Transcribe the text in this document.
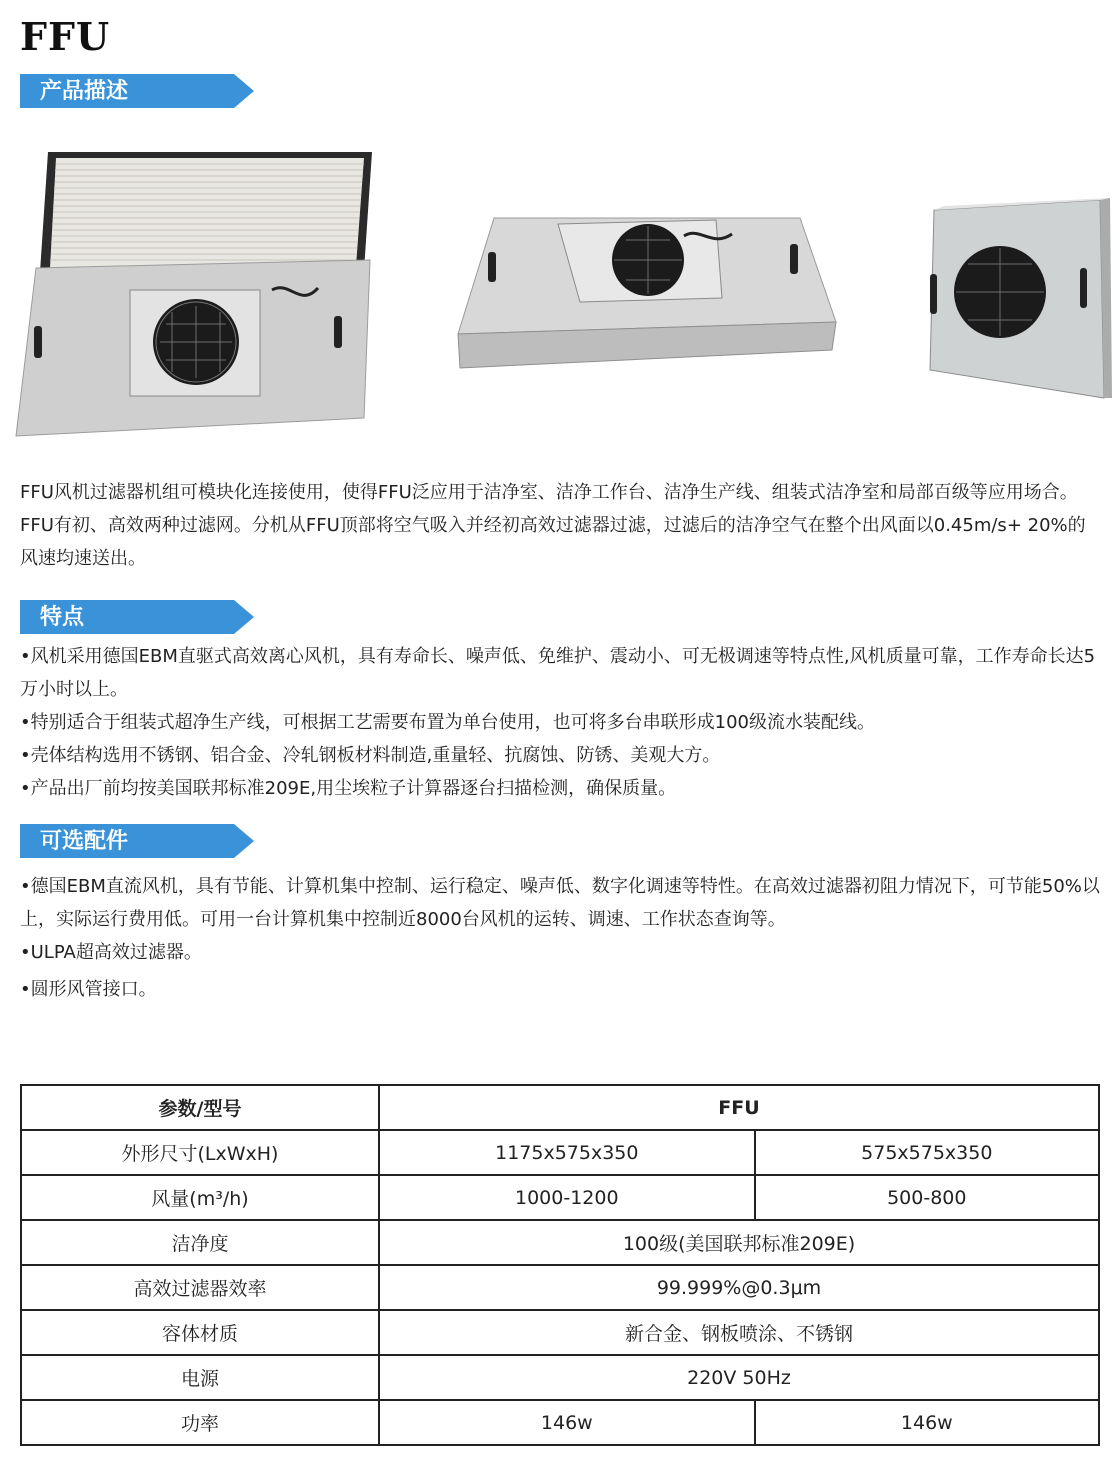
FFU
产品描述

FFU风机过滤器机组可模块化连接使用，使得FFU泛应用于洁净室、洁净工作台、洁净生产线、组装式洁净室和局部百级等应用场合。FFU有初、高效两种过滤网。分机从FFU顶部将空气吸入并经初高效过滤器过滤，过滤后的洁净空气在整个出风面以0.45m/s+ 20%的风速均速送出。

特点

•风机采用德国EBM直驱式高效离心风机，具有寿命长、噪声低、免维护、震动小、可无极调速等特点性,风机质量可靠，工作寿命长达5万小时以上。

•特别适合于组装式超净生产线，可根据工艺需要布置为单台使用，也可将多台串联形成100级流水装配线。

•壳体结构选用不锈钢、铝合金、冷轧钢板材料制造,重量轻、抗腐蚀、防锈、美观大方。

•产品出厂前均按美国联邦标准209E,用尘埃粒子计算器逐台扫描检测，确保质量。

可选配件

•德国EBM直流风机，具有节能、计算机集中控制、运行稳定、噪声低、数字化调速等特性。在高效过滤器初阻力情况下，可节能50%以上，实际运行费用低。可用一台计算机集中控制近8000台风机的运转、调速、工作状态查询等。

•ULPA超高效过滤器。

•圆形风管接口。

参数/型号	FFU	
外形尺寸(LxWxH)	1175x575x350	575x575x350
风量(m³/h)	1000-1200	500-800
洁净度	100级(美国联邦标准209E)	
高效过滤器效率	99.999%@0.3μm	
容体材质	新合金、钢板喷涂、不锈钢	
电源	220V 50Hz	
功率	146w	146w
